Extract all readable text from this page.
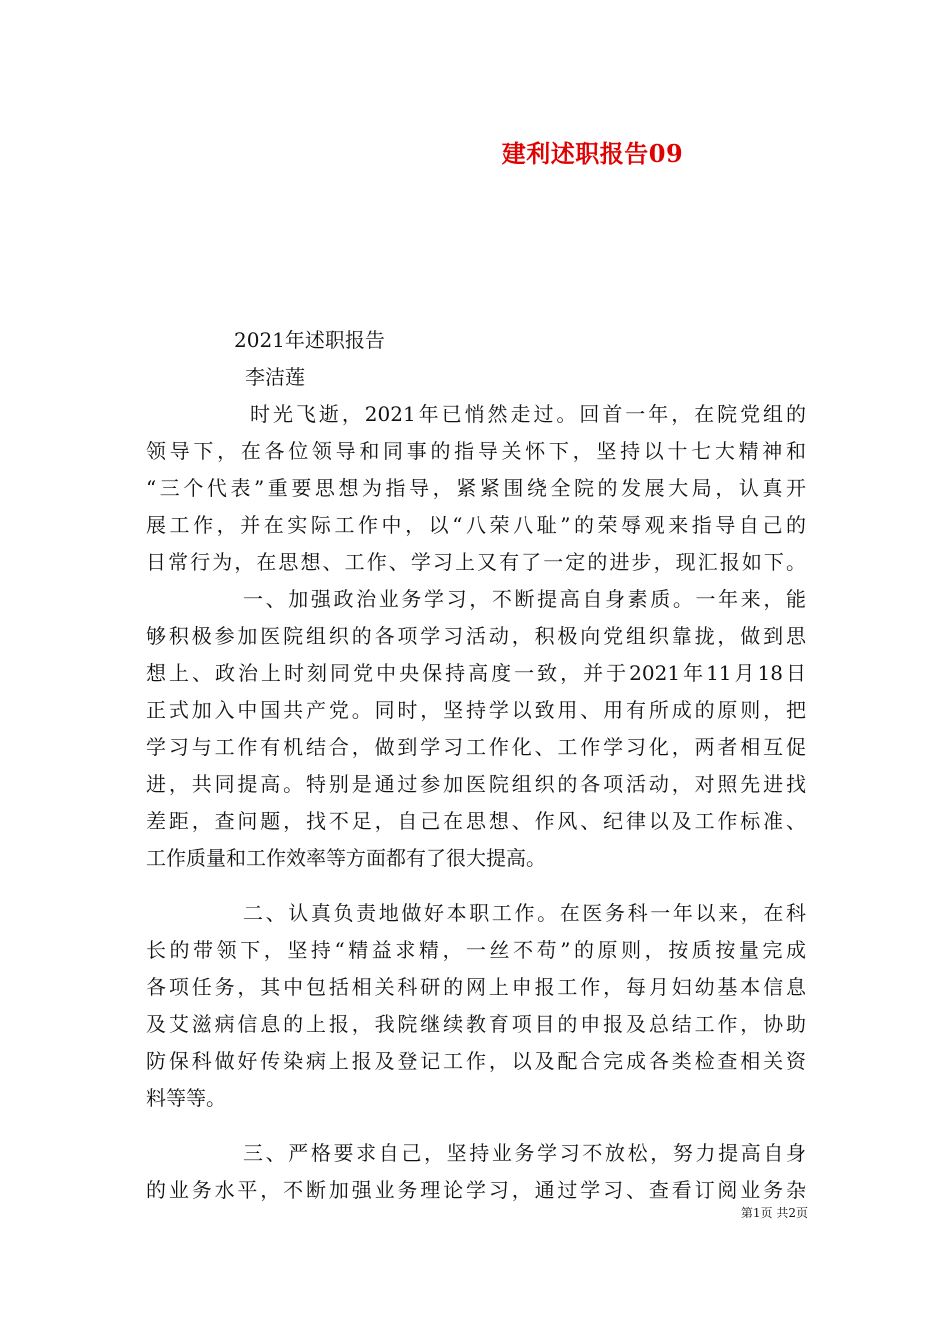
建利述职报告09
2021年述职报告
李洁莲
时光飞逝，2021年已悄然走过。回首一年，在院党组的
领导下，在各位领导和同事的指导关怀下，坚持以十七大精神和
“三个代表”重要思想为指导，紧紧围绕全院的发展大局，认真开
展工作，并在实际工作中，以“八荣八耻”的荣辱观来指导自己的
日常行为，在思想、工作、学习上又有了一定的进步，现汇报如下。
一、加强政治业务学习，不断提高自身素质。一年来，能
够积极参加医院组织的各项学习活动，积极向党组织靠拢，做到思
想上、政治上时刻同党中央保持高度一致，并于2021年11月18日
正式加入中国共产党。同时，坚持学以致用、用有所成的原则，把
学习与工作有机结合，做到学习工作化、工作学习化，两者相互促
进，共同提高。特别是通过参加医院组织的各项活动，对照先进找
差距，查问题，找不足，自己在思想、作风、纪律以及工作标准、
工作质量和工作效率等方面都有了很大提高。
二、认真负责地做好本职工作。在医务科一年以来，在科
长的带领下，坚持“精益求精，一丝不苟”的原则，按质按量完成
各项任务，其中包括相关科研的网上申报工作，每月妇幼基本信息
及艾滋病信息的上报，我院继续教育项目的申报及总结工作，协助
防保科做好传染病上报及登记工作，以及配合完成各类检查相关资
料等等。
三、严格要求自己，坚持业务学习不放松，努力提高自身
的业务水平，不断加强业务理论学习，通过学习、查看订阅业务杂
第1页 共2页
